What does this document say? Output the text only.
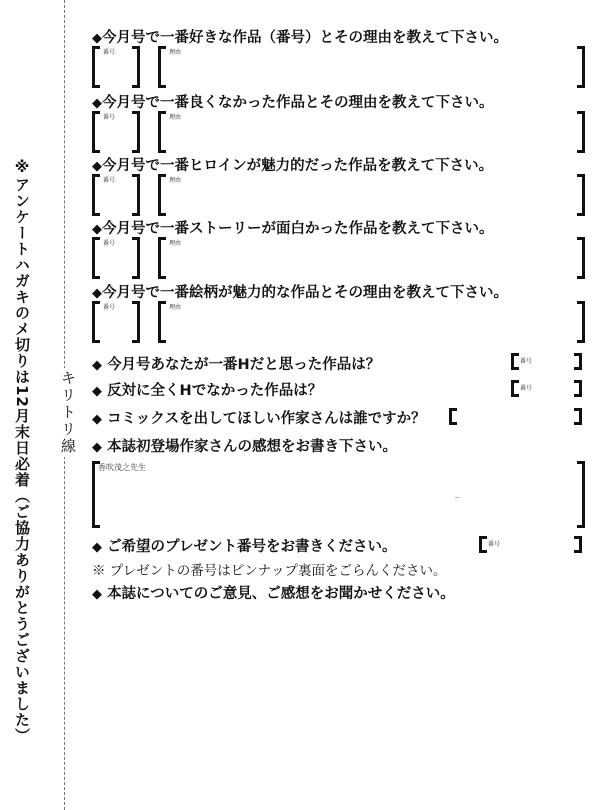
※アンケートハガキのメ切りは12月末日必着（ご協力ありがとうございました） キリトリ線
◆今月号で一番好きな作品（番号）とその理由を教えて下さい。
番号	理由
◆今月号で一番良くなかった作品とその理由を教えて下さい。
番号	理由
◆今月号で一番ヒロインが魅力的だった作品を教えて下さい。
番号	理由
◆今月号で一番ストーリーが面白かった作品を教えて下さい。
番号	理由
◆今月号で一番絵柄が魅力的な作品とその理由を教えて下さい。
番号	理由
◆ 今月号あなたが一番Hだと思った作品は？	番号
◆ 反対に全くHでなかった作品は？	番号
◆ コミックスを出してほしい作家さんは誰ですか？
◆ 本誌初登場作家さんの感想をお書き下さい。
香吹茂之先生
◆ ご希望のプレゼント番号をお書きください。	番号
※ プレゼントの番号はピンナップ裏面をごらんください。
◆ 本誌についてのご意見、ご感想をお聞かせください。
